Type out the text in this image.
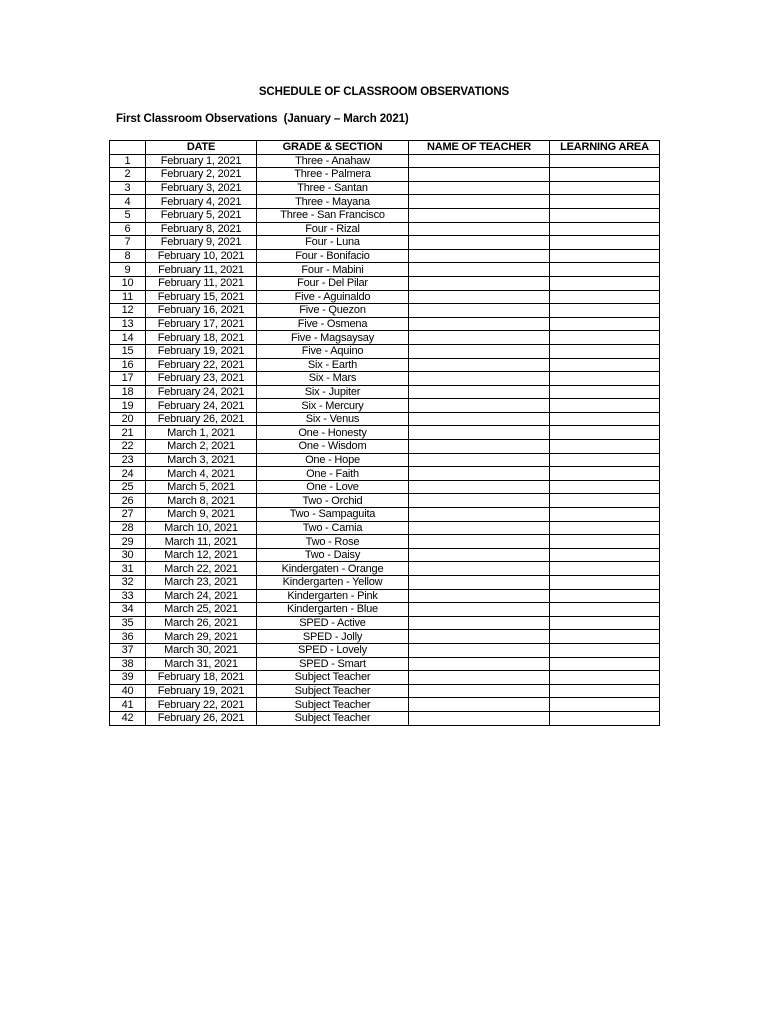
SCHEDULE OF CLASSROOM OBSERVATIONS
First Classroom Observations  (January – March 2021)
	DATE	GRADE & SECTION	NAME OF TEACHER	LEARNING AREA
1	February 1, 2021	Three - Anahaw		
2	February 2, 2021	Three - Palmera		
3	February 3, 2021	Three - Santan		
4	February 4, 2021	Three - Mayana		
5	February 5, 2021	Three - San Francisco		
6	February 8, 2021	Four - Rizal		
7	February 9, 2021	Four - Luna		
8	February 10, 2021	Four - Bonifacio		
9	February 11, 2021	Four - Mabini		
10	February 11, 2021	Four - Del Pilar		
11	February 15, 2021	Five - Aguinaldo		
12	February 16, 2021	Five - Quezon		
13	February 17, 2021	Five - Osmena		
14	February 18, 2021	Five - Magsaysay		
15	February 19, 2021	Five - Aquino		
16	February 22, 2021	Six - Earth		
17	February 23, 2021	Six - Mars		
18	February 24, 2021	Six - Jupiter		
19	February 24, 2021	Six - Mercury		
20	February 26, 2021	Six - Venus		
21	March 1, 2021	One - Honesty		
22	March 2, 2021	One - Wisdom		
23	March 3, 2021	One - Hope		
24	March 4, 2021	One - Faith		
25	March 5, 2021	One - Love		
26	March 8, 2021	Two - Orchid		
27	March 9, 2021	Two - Sampaguita		
28	March 10, 2021	Two - Camia		
29	March 11, 2021	Two - Rose		
30	March 12, 2021	Two - Daisy		
31	March 22, 2021	Kindergaten - Orange		
32	March 23, 2021	Kindergarten - Yellow		
33	March 24, 2021	Kindergarten - Pink		
34	March 25, 2021	Kindergarten - Blue		
35	March 26, 2021	SPED - Active		
36	March 29, 2021	SPED - Jolly		
37	March 30, 2021	SPED - Lovely		
38	March 31, 2021	SPED - Smart		
39	February 18, 2021	Subject Teacher		
40	February 19, 2021	Subject Teacher		
41	February 22, 2021	Subject Teacher		
42	February 26, 2021	Subject Teacher		
